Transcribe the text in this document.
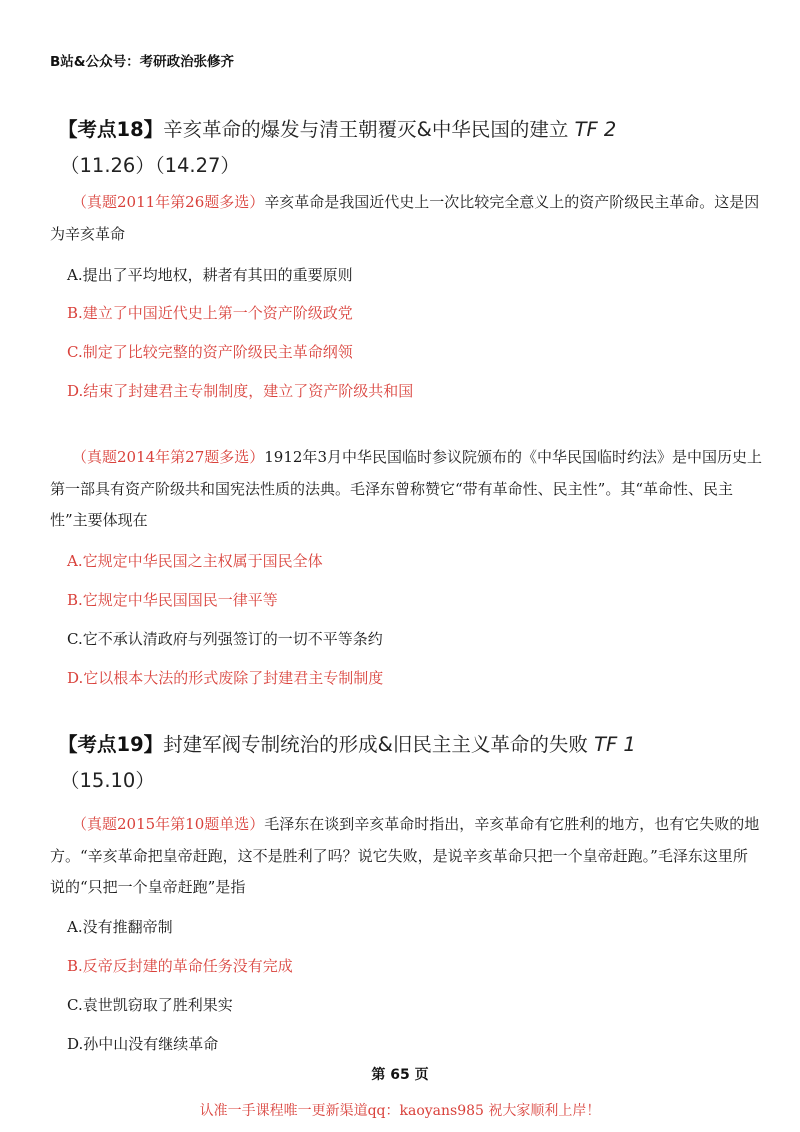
B站&公众号：考研政治张修齐
【考点18】辛亥革命的爆发与清王朝覆灭&中华民国的建立 TF 2
（11.26）（14.27）
（真题2011年第26题多选）辛亥革命是我国近代史上一次比较完全意义上的资产阶级民主革命。这是因为辛亥革命
A.提出了平均地权，耕者有其田的重要原则
B.建立了中国近代史上第一个资产阶级政党
C.制定了比较完整的资产阶级民主革命纲领
D.结束了封建君主专制制度，建立了资产阶级共和国
（真题2014年第27题多选）1912年3月中华民国临时参议院颁布的《中华民国临时约法》是中国历史上第一部具有资产阶级共和国宪法性质的法典。毛泽东曾称赞它“带有革命性、民主性”。其“革命性、民主性”主要体现在
A.它规定中华民国之主权属于国民全体
B.它规定中华民国国民一律平等
C.它不承认清政府与列强签订的一切不平等条约
D.它以根本大法的形式废除了封建君主专制制度
【考点19】封建军阀专制统治的形成&旧民主主义革命的失败 TF 1
（15.10）
（真题2015年第10题单选）毛泽东在谈到辛亥革命时指出，辛亥革命有它胜利的地方，也有它失败的地方。“辛亥革命把皇帝赶跑，这不是胜利了吗？说它失败，是说辛亥革命只把一个皇帝赶跑。”毛泽东这里所说的“只把一个皇帝赶跑”是指
A.没有推翻帝制
B.反帝反封建的革命任务没有完成
C.袁世凯窃取了胜利果实
D.孙中山没有继续革命
第 65 页
认准一手课程唯一更新渠道qq：kaoyans985 祝大家顺利上岸！
